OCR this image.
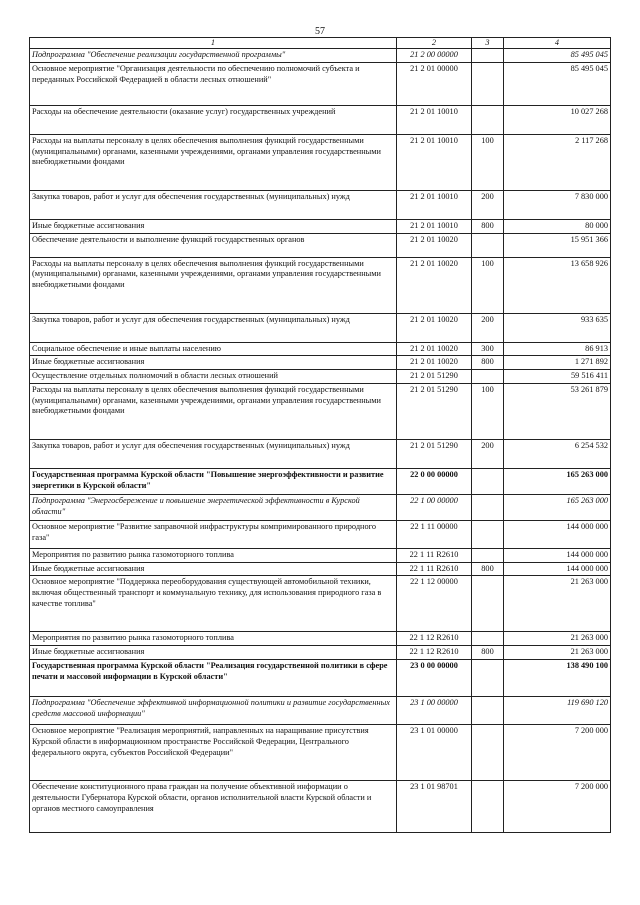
57
1	2	3	4
Подпрограмма "Обеспечение реализации государственной программы"	21 2 00 00000		85 495 045
Основное мероприятие "Организация деятельности по обеспечению полномочий субъекта и переданных Российской Федерацией в области лесных отношений"	21 2 01 00000		85 495 045
Расходы на обеспечение деятельности (оказание услуг) государственных учреждений	21 2 01 10010		10 027 268
Расходы на выплаты персоналу в целях обеспечения выполнения функций государственными (муниципальными) органами, казенными учреждениями, органами управления государственными внебюджетными фондами	21 2 01 10010	100	2 117 268
Закупка товаров, работ и услуг для обеспечения государственных (муниципальных) нужд	21 2 01 10010	200	7 830 000
Иные бюджетные ассигнования	21 2 01 10010	800	80 000
Обеспечение деятельности и выполнение функций государственных органов	21 2 01 10020		15 951 366
Расходы на выплаты персоналу в целях обеспечения выполнения функций государственными (муниципальными) органами, казенными учреждениями, органами управления государственными внебюджетными фондами	21 2 01 10020	100	13 658 926
Закупка товаров, работ и услуг для обеспечения государственных (муниципальных) нужд	21 2 01 10020	200	933 635
Социальное обеспечение и иные выплаты населению	21 2 01 10020	300	86 913
Иные бюджетные ассигнования	21 2 01 10020	800	1 271 892
Осуществление отдельных полномочий в области лесных отношений	21 2 01 51290		59 516 411
Расходы на выплаты персоналу в целях обеспечения выполнения функций государственными (муниципальными) органами, казенными учреждениями, органами управления государственными внебюджетными фондами	21 2 01 51290	100	53 261 879
Закупка товаров, работ и услуг для обеспечения государственных (муниципальных) нужд	21 2 01 51290	200	6 254 532
Государственная программа Курской области "Повышение энергоэффективности и развитие энергетики в Курской области"	22 0 00 00000		165 263 000
Подпрограмма "Энергосбережение и повышение энергетической эффективности в Курской области"	22 1 00 00000		165 263 000
Основное мероприятие "Развитие заправочной инфраструктуры компримированного природного газа"	22 1 11 00000		144 000 000
Мероприятия по развитию рынка газомоторного топлива	22 1 11 R2610		144 000 000
Иные бюджетные ассигнования	22 1 11 R2610	800	144 000 000
Основное мероприятие "Поддержка переоборудования существующей автомобильной техники, включая общественный транспорт и коммунальную технику, для использования природного газа в качестве топлива"	22 1 12 00000		21 263 000
Мероприятия по развитию рынка газомоторного топлива	22 1 12 R2610		21 263 000
Иные бюджетные ассигнования	22 1 12 R2610	800	21 263 000
Государственная программа Курской области "Реализация государственной политики в сфере печати и массовой информации в Курской области"	23 0 00 00000		138 490 100
Подпрограмма "Обеспечение эффективной информационной политики и развитие государственных средств массовой информации"	23 1 00 00000		119 690 120
Основное мероприятие "Реализация мероприятий, направленных на наращивание присутствия Курской области в информационном пространстве Российской Федерации, Центрального федерального округа, субъектов Российской Федерации"	23 1 01 00000		7 200 000
Обеспечение конституционного права граждан на получение объективной информации о деятельности Губернатора Курской области, органов исполнительной власти Курской области и органов местного самоуправления	23 1 01 98701		7 200 000
